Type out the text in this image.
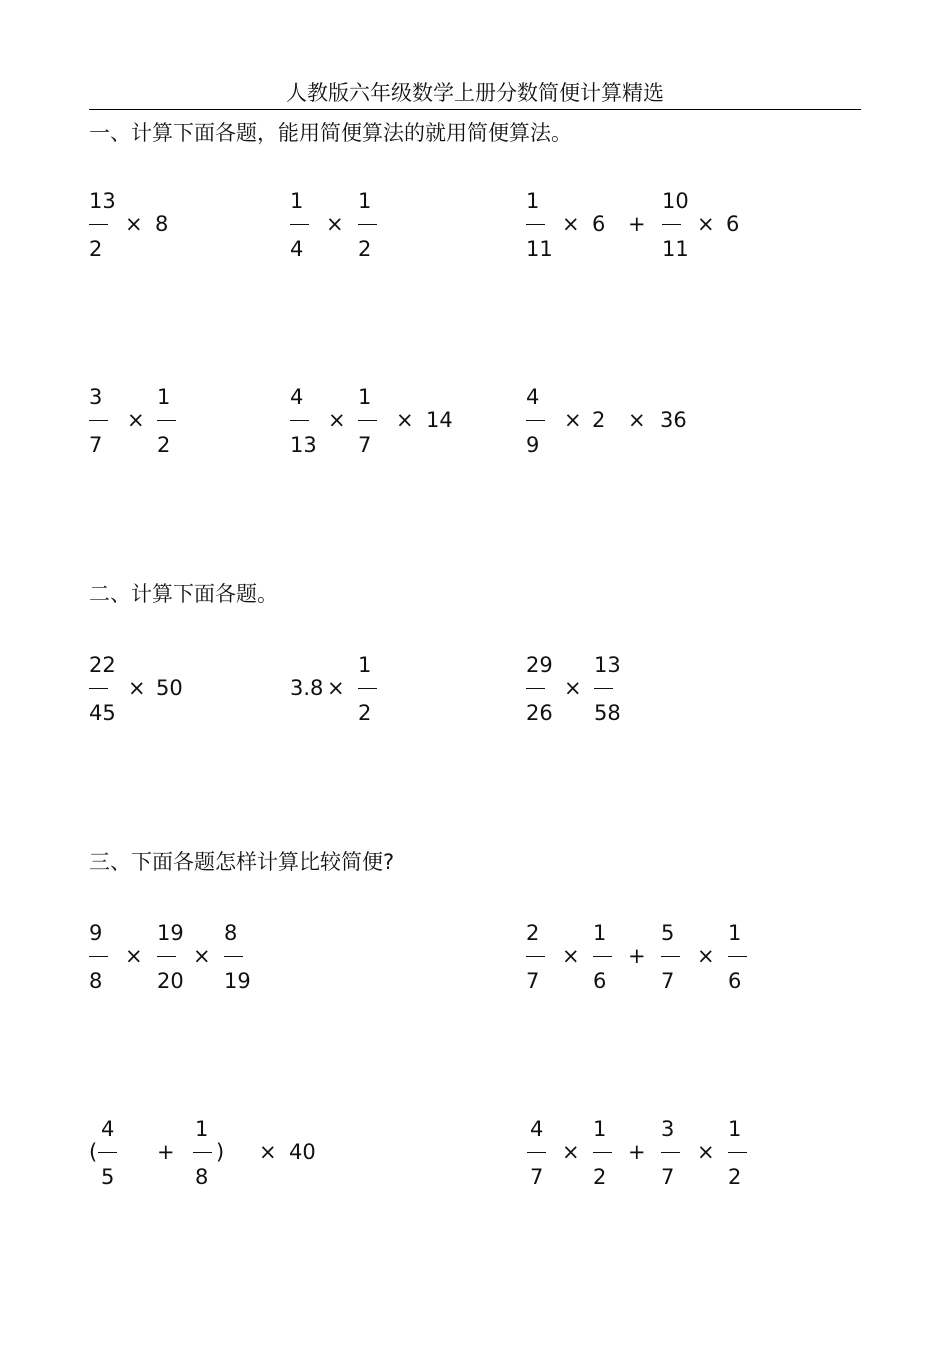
人教版六年级数学上册分数简便计算精选
一、计算下面各题，能用简便算法的就用简便算法。
二、计算下面各题。
三、下面各题怎样计算比较简便?
13
2
× 8
1
4
×
1
2
1
11
× 6 +
10
11
× 6
3
7
×
1
2
4
13
×
1
7
× 14
4
9
× 2 × 36
22
45
× 50	3.8 ×
1
2
29
26
×
13
58
9
8
×
19
20
×
8
19
2
7
×
1
6
+
5
7
×
1
6
(
4
5
+
1
8
) × 40
4
7
×
1
2
+
3
7
×
1
2
